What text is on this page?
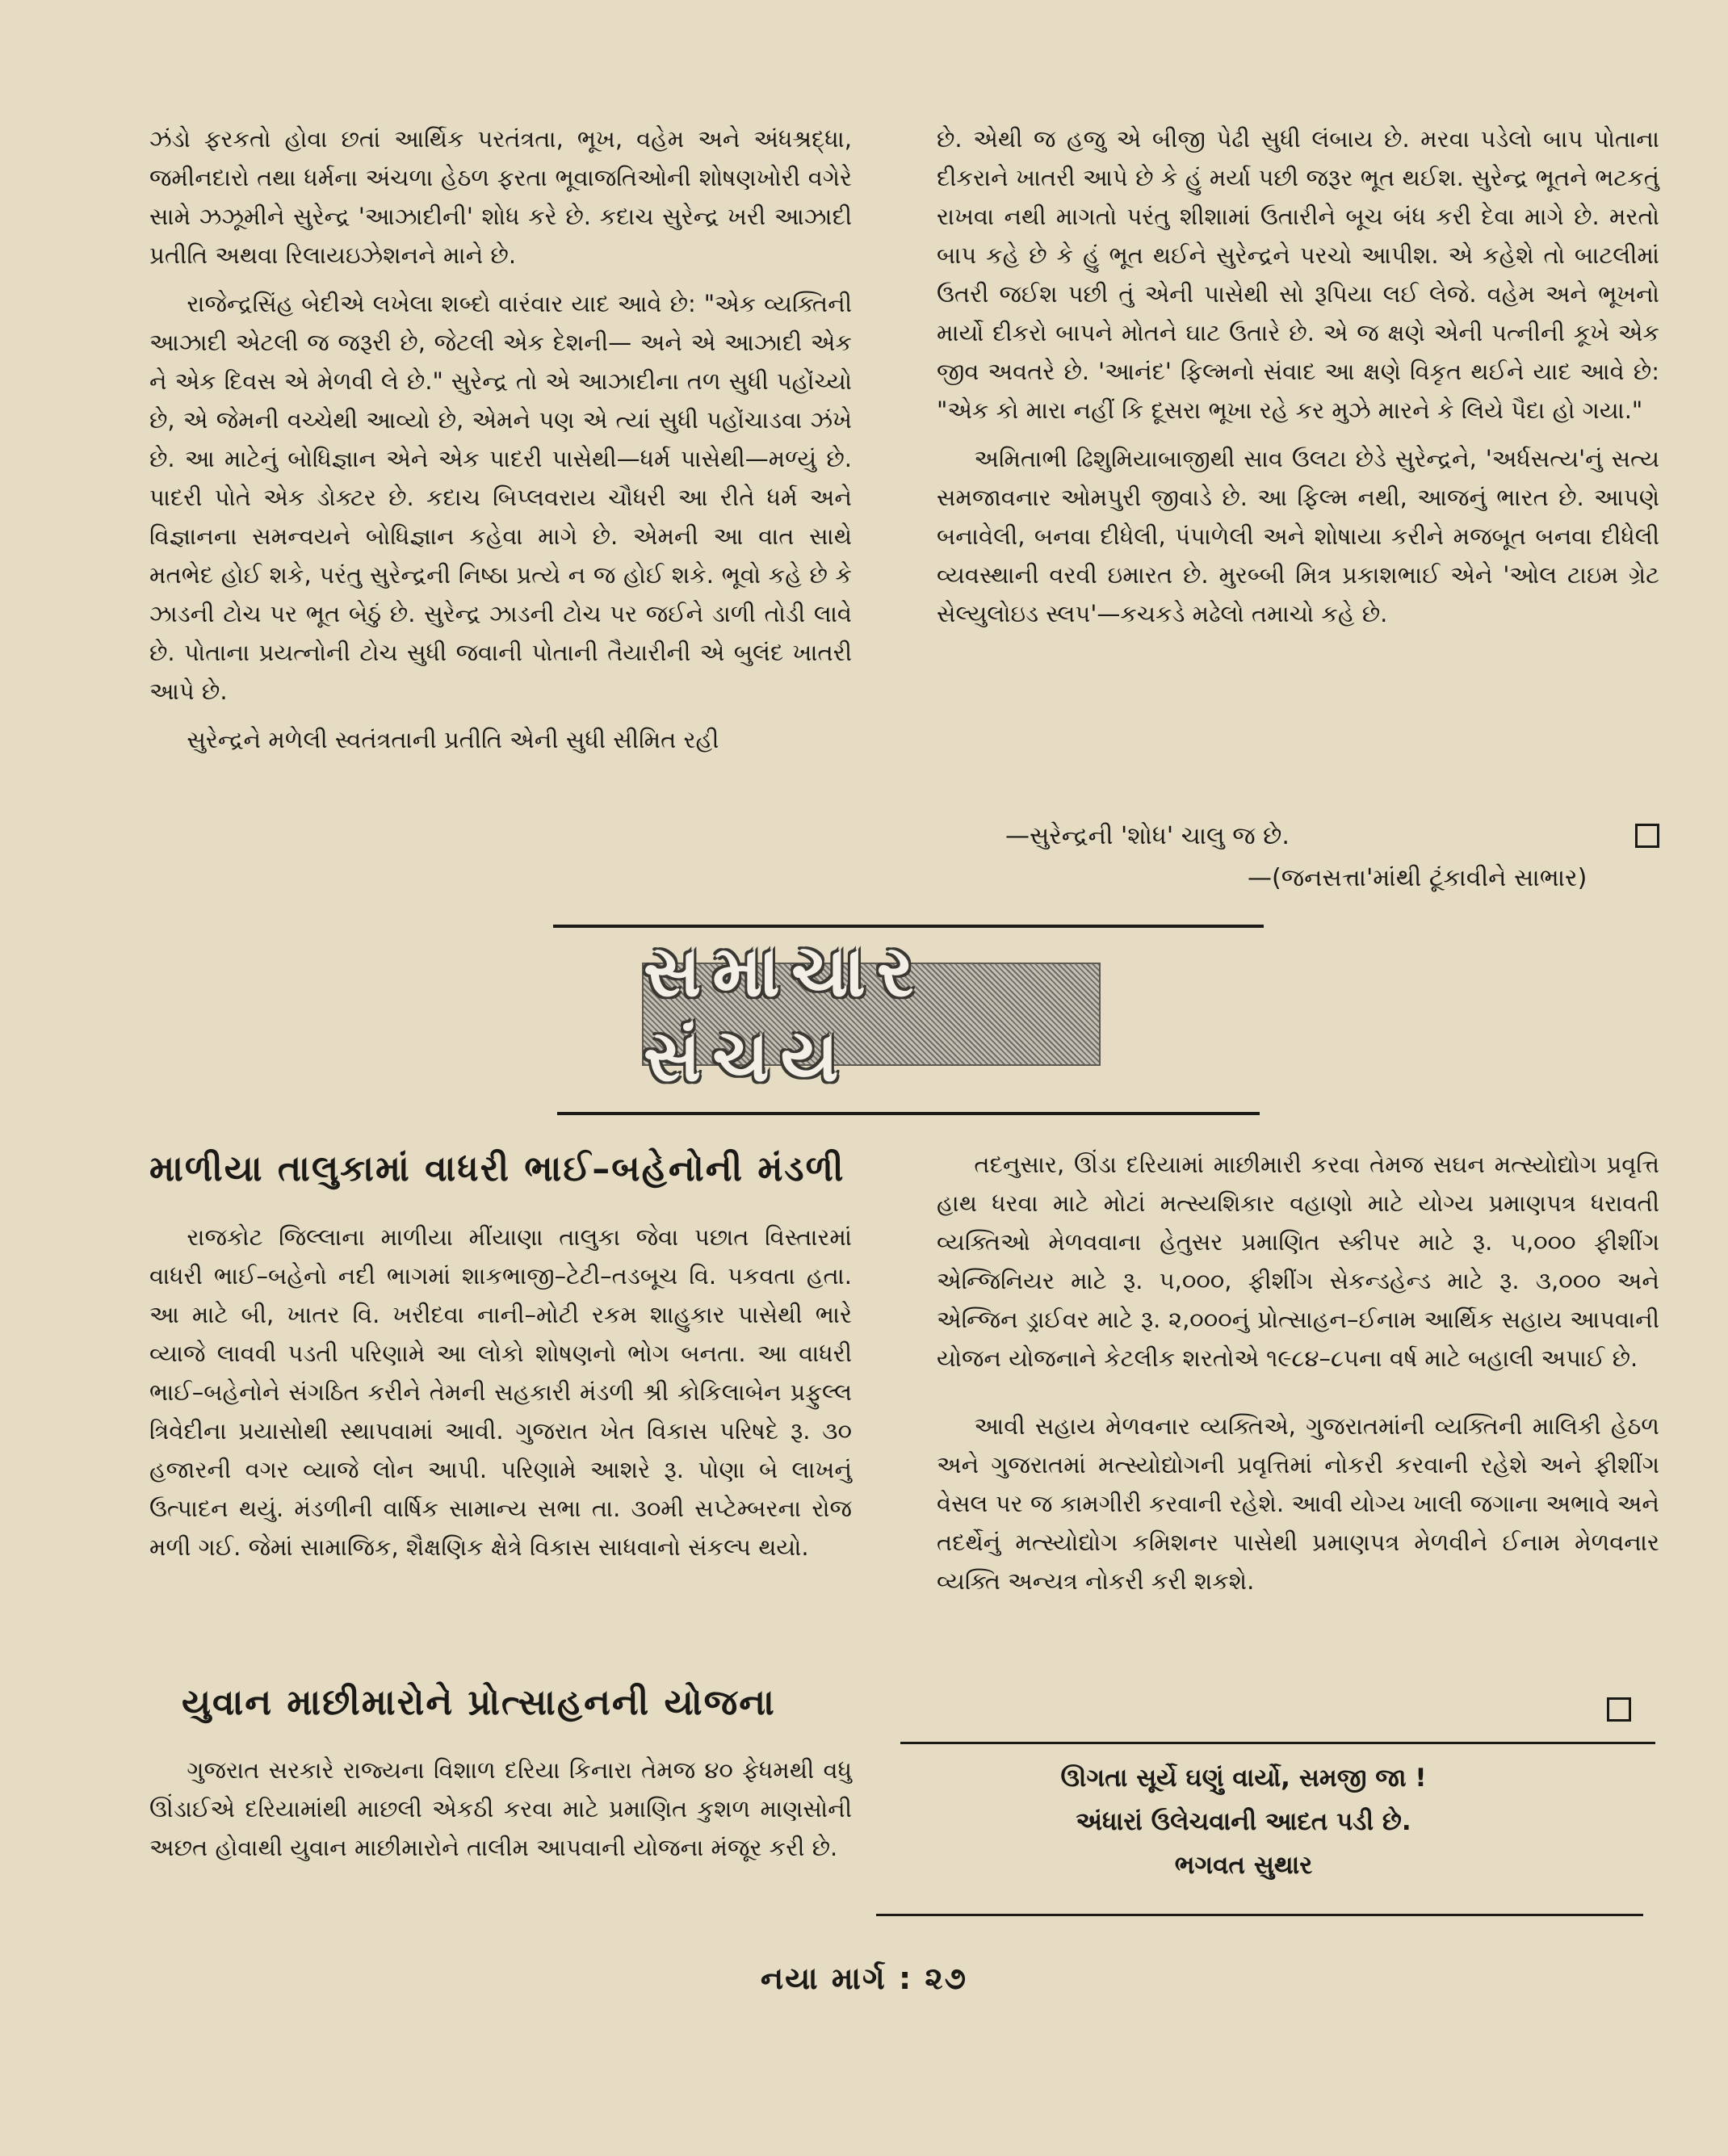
ઝંડો ફરકતો હોવા છતાં આર્થિક પરતંત્રતા, ભૂખ, વહેમ અને અંધશ્રદ્ધા, જમીનદારો તથા ધર્મના અંચળા હેઠળ ફરતા ભૂવાજતિઓની શોષણખોરી વગેરે સામે ઝઝૂમીને સુરેન્દ્ર 'આઝાદીની' શોધ કરે છે. કદાચ સુરેન્દ્ર ખરી આઝાદી પ્રતીતિ અથવા રિલાયઇઝેશનને માને છે.

રાજેન્દ્રસિંહ બેદીએ લખેલા શબ્દો વારંવાર યાદ આવે છે: "એક વ્યક્તિની આઝાદી એટલી જ જરૂરી છે, જેટલી એક દેશની— અને એ આઝાદી એક ને એક દિવસ એ મેળવી લે છે." સુરેન્દ્ર તો એ આઝાદીના તળ સુધી પહોંચ્યો છે, એ જેમની વચ્ચેથી આવ્યો છે, એમને પણ એ ત્યાં સુધી પહોંચાડવા ઝંખે છે. આ માટેનું બોધિજ્ઞાન એને એક પાદરી પાસેથી—ધર્મ પાસેથી—મળ્યું છે. પાદરી પોતે એક ડોક્ટર છે. કદાચ બિપ્લવરાય ચૌધરી આ રીતે ધર્મ અને વિજ્ઞાનના સમન્વયને બોધિજ્ઞાન કહેવા માગે છે. એમની આ વાત સાથે મતભેદ હોઈ શકે, પરંતુ સુરેન્દ્રની નિષ્ઠા પ્રત્યે ન જ હોઈ શકે. ભૂવો કહે છે કે ઝાડની ટોચ પર ભૂત બેઠું છે. સુરેન્દ્ર ઝાડની ટોચ પર જઈને ડાળી તોડી લાવે છે. પોતાના પ્રયત્નોની ટોચ સુધી જવાની પોતાની તૈયારીની એ બુલંદ ખાતરી આપે છે.

સુરેન્દ્રને મળેલી સ્વતંત્રતાની પ્રતીતિ એની સુધી સીમિત રહી

છે. એથી જ હજુ એ બીજી પેઢી સુધી લંબાય છે. મરવા પડેલો બાપ પોતાના દીકરાને ખાતરી આપે છે કે હું મર્યા પછી જરૂર ભૂત થઈશ. સુરેન્દ્ર ભૂતને ભટકતું રાખવા નથી માગતો પરંતુ શીશામાં ઉતારીને બૂચ બંધ કરી દેવા માગે છે. મરતો બાપ કહે છે કે હું ભૂત થઈને સુરેન્દ્રને પરચો આપીશ. એ કહેશે તો બાટલીમાં ઉતરી જઈશ પછી તું એની પાસેથી સો રૂપિયા લઈ લેજે. વહેમ અને ભૂખનો માર્યો દીકરો બાપને મોતને ઘાટ ઉતારે છે. એ જ ક્ષણે એની પત્નીની કૂખે એક જીવ અવતરે છે. 'આનંદ' ફિલ્મનો સંવાદ આ ક્ષણે વિકૃત થઈને યાદ આવે છે: "એક કો મારા નહીં કિ દૂસરા ભૂખા રહે કર મુઝે મારને કે લિયે પૈદા હો ગયા."

અમિતાભી ઢિશુમિયાબાજીથી સાવ ઉલટા છેડે સુરેન્દ્રને, 'અર્ધસત્ય'નું સત્ય સમજાવનાર ઓમપુરી જીવાડે છે. આ ફિલ્મ નથી, આજનું ભારત છે. આપણે બનાવેલી, બનવા દીધેલી, પંપાળેલી અને શોષાયા કરીને મજબૂત બનવા દીધેલી વ્યવસ્થાની વરવી ઇમારત છે. મુરબ્બી મિત્ર પ્રકાશભાઈ એને 'ઓલ ટાઇમ ગ્રેટ સેલ્યુલોઇડ સ્લપ'—કચકડે મઢેલો તમાચો કહે છે.

—સુરેન્દ્રની 'શોધ' ચાલુ જ છે.
—(જનસત્તા'માંથી ટૂંકાવીને સાભાર)
સમાચાર સંચય
માળીયા તાલુકામાં વાધરી ભાઈ–બહેનોની મંડળી

રાજકોટ જિલ્લાના માળીયા મીંયાણા તાલુકા જેવા પછાત વિસ્તારમાં વાધરી ભાઈ–બહેનો નદી ભાગમાં શાકભાજી–ટેટી–તડબૂચ વિ. પકવતા હતા. આ માટે બી, ખાતર વિ. ખરીદવા નાની–મોટી રકમ શાહુકાર પાસેથી ભારે વ્યાજે લાવવી પડતી પરિણામે આ લોકો શોષણનો ભોગ બનતા. આ વાધરી ભાઈ–બહેનોને સંગઠિત કરીને તેમની સહકારી મંડળી શ્રી કોકિલાબેન પ્રફુલ્લ ત્રિવેદીના પ્રયાસોથી સ્થાપવામાં આવી. ગુજરાત ખેત વિકાસ પરિષદે રૂ. ૩૦ હજારની વગર વ્યાજે લોન આપી. પરિણામે આશરે રૂ. પોણા બે લાખનું ઉત્પાદન થયું. મંડળીની વાર્ષિક સામાન્ય સભા તા. ૩૦મી સપ્ટેમ્બરના રોજ મળી ગઈ. જેમાં સામાજિક, શૈક્ષણિક ક્ષેત્રે વિકાસ સાધવાનો સંકલ્પ થયો.

યુવાન માછીમારોને પ્રોત્સાહનની યોજના

ગુજરાત સરકારે રાજ્યના વિશાળ દરિયા કિનારા તેમજ ૪૦ ફેધમથી વધુ ઊંડાઈએ દરિયામાંથી માછલી એકઠી કરવા માટે પ્રમાણિત કુશળ માણસોની અછત હોવાથી યુવાન માછીમારોને તાલીમ આપવાની યોજના મંજૂર કરી છે.

તદનુસાર, ઊંડા દરિયામાં માછીમારી કરવા તેમજ સઘન મત્સ્યોદ્યોગ પ્રવૃત્તિ હાથ ધરવા માટે મોટાં મત્સ્યશિકાર વહાણો માટે યોગ્ય પ્રમાણપત્ર ધરાવતી વ્યક્તિઓ મેળવવાના હેતુસર પ્રમાણિત સ્કીપર માટે રૂ. ૫,૦૦૦ ફીશીંગ એન્જિનિયર માટે રૂ. ૫,૦૦૦, ફીશીંગ સેકન્ડહેન્ડ માટે રૂ. ૩,૦૦૦ અને એન્જિન ડ્રાઈવર માટે રૂ. ૨,૦૦૦નું પ્રોત્સાહન–ઈનામ આર્થિક સહાય આપવાની યોજન યોજનાને કેટલીક શરતોએ ૧૯૮૪–૮૫ના વર્ષ માટે બહાલી અપાઈ છે.

આવી સહાય મેળવનાર વ્યક્તિએ, ગુજરાતમાંની વ્યક્તિની માલિકી હેઠળ અને ગુજરાતમાં મત્સ્યોદ્યોગની પ્રવૃત્તિમાં નોકરી કરવાની રહેશે અને ફીશીંગ વેસલ પર જ કામગીરી કરવાની રહેશે. આવી યોગ્ય ખાલી જગાના અભાવે અને તદર્થેનું મત્સ્યોદ્યોગ કમિશનર પાસેથી પ્રમાણપત્ર મેળવીને ઈનામ મેળવનાર વ્યક્તિ અન્યત્ર નોકરી કરી શકશે.

ઊગતા સૂર્યે ઘણું વાર્યો, સમજી જા !
અંધારાં ઉલેચવાની આદત પડી છે.
ભગવત સુથાર
નયા માર્ગ : ૨૭
